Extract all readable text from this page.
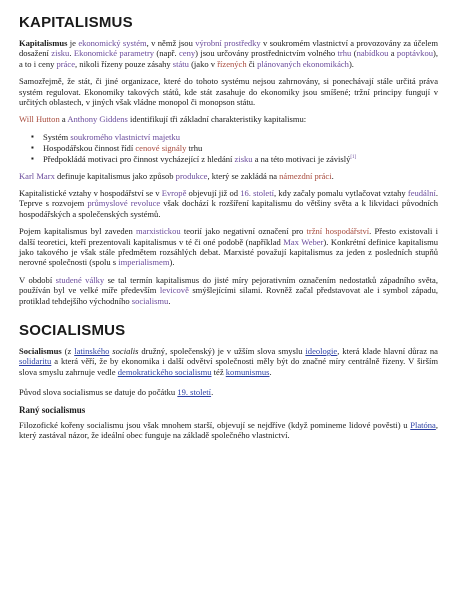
KAPITALISMUS

Kapitalismus je ekonomický systém, v němž jsou výrobní prostředky v soukromém vlastnictví a provozovány za účelem dosažení zisku. Ekonomické parametry (např. ceny) jsou určovány prostřednictvím volného trhu (nabídkou a poptávkou), a to i ceny práce, nikoli řízeny pouze zásahy státu (jako v řízených či plánovaných ekonomikách).

Samozřejmě, že stát, či jiné organizace, které do tohoto systému nejsou zahrnovány, si ponechávají stále určitá práva systém regulovat. Ekonomiky takových států, kde stát zasahuje do ekonomiky jsou smíšené; tržní principy fungují v určitých oblastech, v jiných však vládne monopol či monopson státu.

Will Hutton a Anthony Giddens identifikují tři základní charakteristiky kapitalismu:

▪ Systém soukromého vlastnictví majetku
▪ Hospodářskou činnost řídí cenové signály trhu
▪ Předpokládá motivaci pro činnost vycházející z hledání zisku a na této motivaci je závislý[1]

Karl Marx definuje kapitalismus jako způsob produkce, který se zakládá na námezdní práci.

Kapitalistické vztahy v hospodářství se v Evropě objevují již od 16. století, kdy začaly pomalu vytlačovat vztahy feudální. Teprve s rozvojem průmyslové revoluce však dochází k rozšíření kapitalismu do většiny světa a k likvidaci původních hospodářských a společenských systémů.

Pojem kapitalismus byl zaveden marxistickou teorií jako negativní označení pro tržní hospodářství. Přesto existovali i další teoretici, kteří prezentovali kapitalismus v té či oné podobě (například Max Weber). Konkrétní definice kapitalismu jako takového je však stále předmětem rozsáhlých debat. Marxisté považují kapitalismus za jeden z posledních stupňů nerovné společnosti (spolu s imperialismem).

V období studené války se tal termín kapitalismus do jisté míry pejorativním označením nedostatků západního světa, používán byl ve velké míře především levicově smýšlejícími silami. Rovněž začal představovat ale i symbol západu, protiklad tehdejšího východního socialismu.

SOCIALISMUS

Socialismus (z latinského socialis družný, společenský) je v užším slova smyslu ideologie, která klade hlavní důraz na solidaritu a která věří, že by ekonomika i další odvětví společnosti měly být do značné míry centrálně řízeny. V širším slova smyslu zahrnuje vedle demokratického socialismu též komunismus.

Původ slova socialismus se datuje do počátku 19. století.

Raný socialismus

Filozofické kořeny socialismu jsou však mnohem starší, objevují se nejdříve (když pomineme lidové pověsti) u Platóna, který zastával názor, že ideální obec funguje na základě společného vlastnictví.
